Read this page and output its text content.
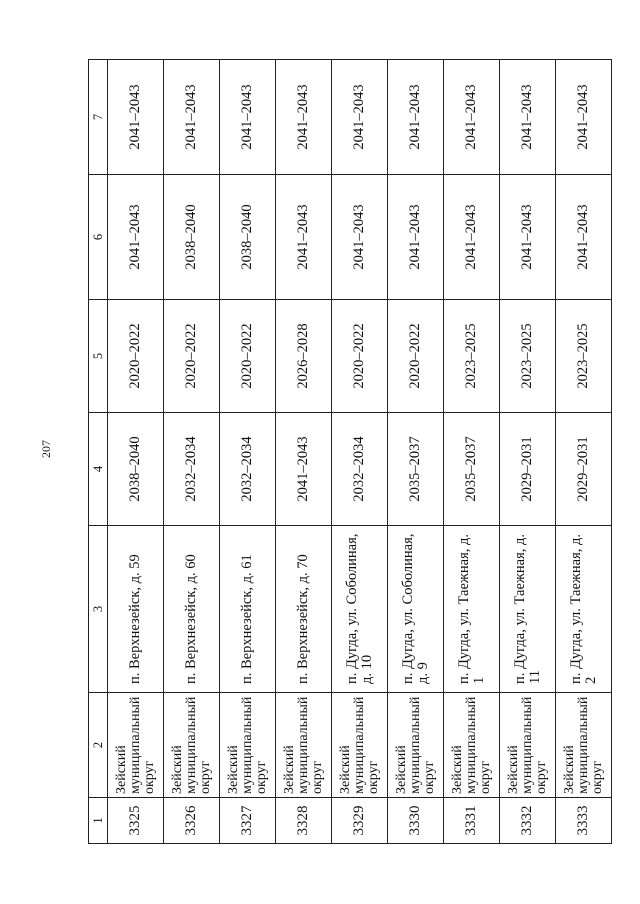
207
1	2	3	4	5	6	7
3325	Зейский муниципальный округ	п. Верхнезейск, д. 59	2038–2040	2020–2022	2041–2043	2041–2043
3326	Зейский муниципальный округ	п. Верхнезейск, д. 60	2032–2034	2020–2022	2038–2040	2041–2043
3327	Зейский муниципальный округ	п. Верхнезейск, д. 61	2032–2034	2020–2022	2038–2040	2041–2043
3328	Зейский муниципальный округ	п. Верхнезейск, д. 70	2041–2043	2026–2028	2041–2043	2041–2043
3329	Зейский муниципальный округ	п. Дугда, ул. Соболиная, д. 10	2032–2034	2020–2022	2041–2043	2041–2043
3330	Зейский муниципальный округ	п. Дугда, ул. Соболиная, д. 9	2035–2037	2020–2022	2041–2043	2041–2043
3331	Зейский муниципальный округ	п. Дугда, ул. Таежная, д. 1	2035–2037	2023–2025	2041–2043	2041–2043
3332	Зейский муниципальный округ	п. Дугда, ул. Таежная, д. 11	2029–2031	2023–2025	2041–2043	2041–2043
3333	Зейский муниципальный округ	п. Дугда, ул. Таежная, д. 2	2029–2031	2023–2025	2041–2043	2041–2043
